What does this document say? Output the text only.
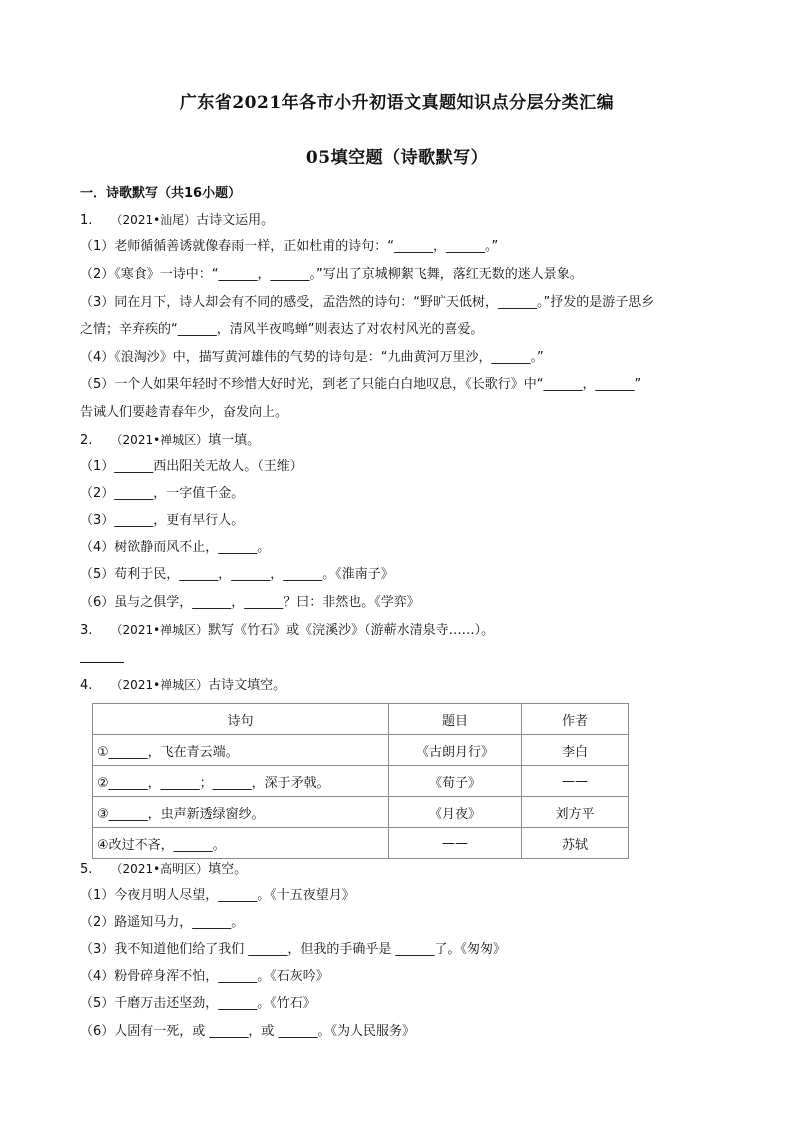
广东省2021年各市小升初语文真题知识点分层分类汇编
05填空题（诗歌默写）
一．诗歌默写（共16小题）
1. （2021•汕尾）古诗文运用。
（1）老师循循善诱就像春雨一样，正如杜甫的诗句：“______，______。”
（2）《寒食》一诗中：“______，______。”写出了京城柳絮飞舞，落红无数的迷人景象。
（3）同在月下，诗人却会有不同的感受，孟浩然的诗句：“野旷天低树，______。”抒发的是游子思乡
之情；辛弃疾的“______，清风半夜鸣蝉”则表达了对农村风光的喜爱。
（4）《浪淘沙》中，描写黄河雄伟的气势的诗句是：“九曲黄河万里沙，______。”
（5）一个人如果年轻时不珍惜大好时光，到老了只能白白地叹息，《长歌行》中“______，______”
告诫人们要趁青春年少，奋发向上。
2. （2021•禅城区）填一填。
（1）______西出阳关无故人。（王维）
（2）______，一字值千金。
（3）______，更有早行人。
（4）树欲静而风不止，______。
（5）苟利于民，______，______，______。《淮南子》
（6）虽与之俱学，______，______？曰：非然也。《学弈》
3. （2021•禅城区）默写《竹石》或《浣溪沙》（游蕲水清泉寺……）。
4. （2021•禅城区）古诗文填空。
诗句	题目	作者
①______，飞在青云端。	《古朗月行》	李白
②______，______；______，深于矛戟。	《荀子》	——
③______，虫声新透绿窗纱。	《月夜》	刘方平
④改过不吝，______。	——	苏轼
5. （2021•高明区）填空。
（1）今夜月明人尽望，______。《十五夜望月》
（2）路遥知马力，______。
（3）我不知道他们给了我们 ______，但我的手确乎是 ______了。《匆匆》
（4）粉骨碎身浑不怕，______。《石灰吟》
（5）千磨万击还坚劲，______。《竹石》
（6）人固有一死，或 ______，或 ______。《为人民服务》
